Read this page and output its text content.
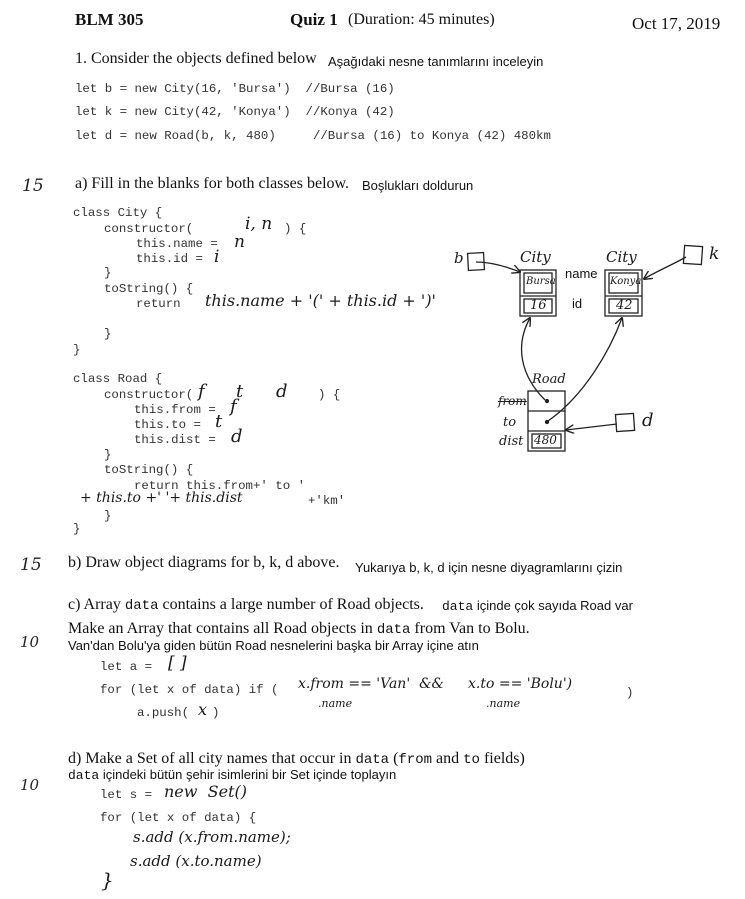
BLM 305	Quiz 1 (Duration: 45 minutes)	Oct 17, 2019
1. Consider the objects defined below Aşağıdaki nesne tanımlarını inceleyin
let b = new City(16, 'Bursa')  //Bursa (16)
let k = new City(42, 'Konya')  //Konya (42)
let d = new Road(b, k, 480)     //Bursa (16) to Konya (42) 480km
15
15
10
10
a) Fill in the blanks for both classes below. Boşlukları doldurun
class City {
constructor(	i, n ) {
this.name = n
this.id = i
}
toString() {
return this.name + '(' + this.id + ')'
}
}
class Road {
constructor( f t d ) {
this.from = f
this.to = t
this.dist = d
}
toString() {
return this.from+' to '
+ this.to +' '+ this.dist	+'km'
}
}
b	City
Bursa
16
name
id
City
Konya
42
k
Road
from
to
dist 480
d
b) Draw object diagrams for b, k, d above. Yukarıya b, k, d için nesne diyagramlarını çizin
c) Array data contains a large number of Road objects. data içinde çok sayıda Road var
Make an Array that contains all Road objects in data from Van to Bolu.
Van'dan Bolu'ya giden bütün Road nesnelerini başka bir Array içine atın
let a = [ ]
for (let x of data) if ( x.from == 'Van'  && x.to == 'Bolu')
)
.name	.name
a.push( x )
d) Make a Set of all city names that occur in data (from and to fields)
data içindeki bütün şehir isimlerini bir Set içinde toplayın
let s = new  Set()
for (let x of data) {
s.add (x.from.name);
s.add (x.to.name)
}
